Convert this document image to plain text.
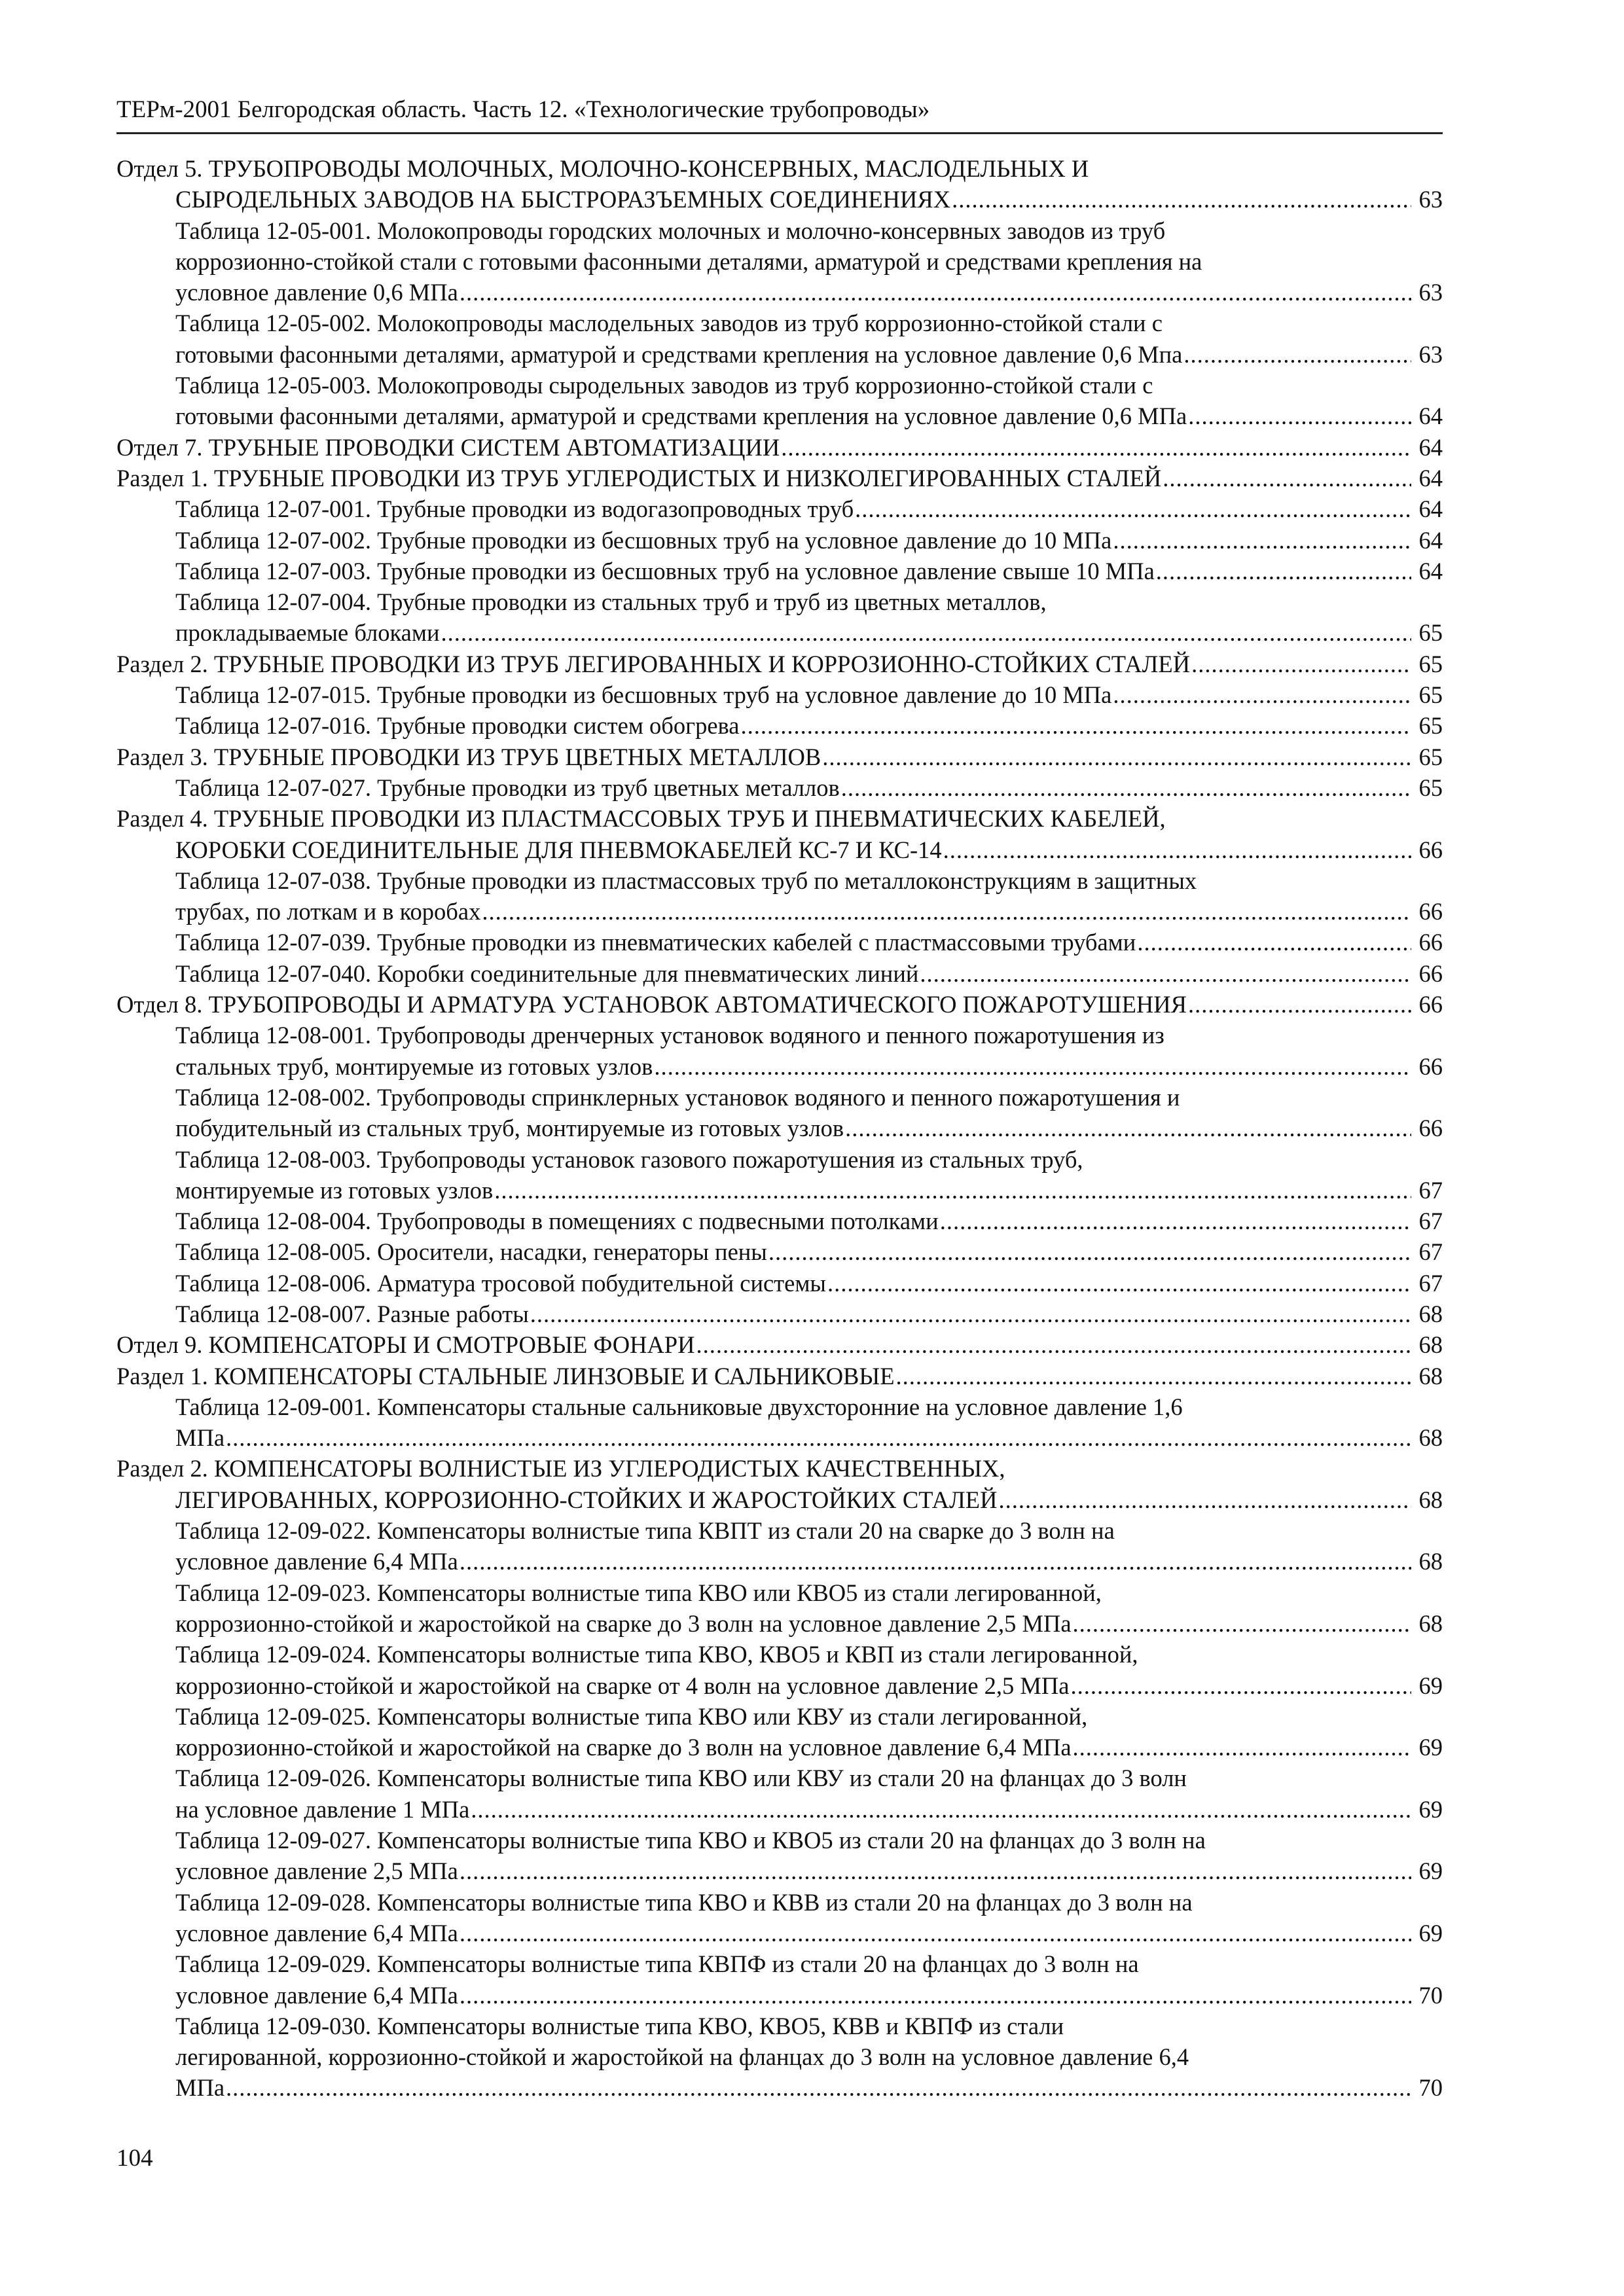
ТЕРм-2001 Белгородская область. Часть 12. «Технологические трубопроводы»
Отдел 5. ТРУБОПРОВОДЫ МОЛОЧНЫХ, МОЛОЧНО-КОНСЕРВНЫХ, МАСЛОДЕЛЬНЫХ И
СЫРОДЕЛЬНЫХ ЗАВОДОВ НА БЫСТРОРАЗЪЕМНЫХ СОЕДИНЕНИЯХ .....	63
Таблица 12-05-001. Молокопроводы городских молочных и молочно-консервных заводов из труб
коррозионно-стойкой стали с готовыми фасонными деталями, арматурой и средствами крепления на
условное давление 0,6 МПа .....	63
Таблица 12-05-002. Молокопроводы маслодельных заводов из труб коррозионно-стойкой стали с
готовыми фасонными деталями, арматурой и средствами крепления на условное давление 0,6 Мпа .....	63
Таблица 12-05-003. Молокопроводы сыродельных заводов из труб коррозионно-стойкой стали с
готовыми фасонными деталями, арматурой и средствами крепления на условное давление 0,6 МПа .....	64
Отдел 7. ТРУБНЫЕ ПРОВОДКИ СИСТЕМ АВТОМАТИЗАЦИИ .....	64
Раздел 1. ТРУБНЫЕ ПРОВОДКИ ИЗ ТРУБ УГЛЕРОДИСТЫХ И НИЗКОЛЕГИРОВАННЫХ СТАЛЕЙ .....	64
Таблица 12-07-001. Трубные проводки из водогазопроводных труб .....	64
Таблица 12-07-002. Трубные проводки из бесшовных труб на условное давление до 10 МПа .....	64
Таблица 12-07-003. Трубные проводки из бесшовных труб на условное давление свыше 10 МПа .....	64
Таблица 12-07-004. Трубные проводки из стальных труб и труб из цветных металлов,
прокладываемые блоками .....	65
Раздел 2. ТРУБНЫЕ ПРОВОДКИ ИЗ ТРУБ ЛЕГИРОВАННЫХ И КОРРОЗИОННО-СТОЙКИХ СТАЛЕЙ .....	65
Таблица 12-07-015. Трубные проводки из бесшовных труб на условное давление до 10 МПа .....	65
Таблица 12-07-016. Трубные проводки систем обогрева .....	65
Раздел 3. ТРУБНЫЕ ПРОВОДКИ ИЗ ТРУБ ЦВЕТНЫХ МЕТАЛЛОВ .....	65
Таблица 12-07-027. Трубные проводки из труб цветных металлов .....	65
Раздел 4. ТРУБНЫЕ ПРОВОДКИ ИЗ ПЛАСТМАССОВЫХ ТРУБ И ПНЕВМАТИЧЕСКИХ КАБЕЛЕЙ,
КОРОБКИ СОЕДИНИТЕЛЬНЫЕ ДЛЯ ПНЕВМОКАБЕЛЕЙ КС-7 И КС-14 .....	66
Таблица 12-07-038. Трубные проводки из пластмассовых труб по металлоконструкциям в защитных
трубах, по лоткам и в коробах .....	66
Таблица 12-07-039. Трубные проводки из пневматических кабелей с пластмассовыми трубами .....	66
Таблица 12-07-040. Коробки соединительные для пневматических линий .....	66
Отдел 8. ТРУБОПРОВОДЫ И АРМАТУРА УСТАНОВОК АВТОМАТИЧЕСКОГО ПОЖАРОТУШЕНИЯ .....	66
Таблица 12-08-001. Трубопроводы дренчерных установок водяного и пенного пожаротушения из
стальных труб, монтируемые из готовых узлов .....	66
Таблица 12-08-002. Трубопроводы спринклерных установок водяного и пенного пожаротушения и
побудительный из стальных труб, монтируемые из готовых узлов .....	66
Таблица 12-08-003. Трубопроводы установок газового пожаротушения из стальных труб,
монтируемые из готовых узлов .....	67
Таблица 12-08-004. Трубопроводы в помещениях с подвесными потолками .....	67
Таблица 12-08-005. Оросители, насадки, генераторы пены .....	67
Таблица 12-08-006. Арматура тросовой побудительной системы .....	67
Таблица 12-08-007. Разные работы .....	68
Отдел 9. КОМПЕНСАТОРЫ И СМОТРОВЫЕ ФОНАРИ .....	68
Раздел 1. КОМПЕНСАТОРЫ СТАЛЬНЫЕ ЛИНЗОВЫЕ И САЛЬНИКОВЫЕ .....	68
Таблица 12-09-001. Компенсаторы стальные сальниковые двухсторонние на условное давление 1,6
МПа .....	68
Раздел 2. КОМПЕНСАТОРЫ ВОЛНИСТЫЕ ИЗ УГЛЕРОДИСТЫХ КАЧЕСТВЕННЫХ,
ЛЕГИРОВАННЫХ, КОРРОЗИОННО-СТОЙКИХ И ЖАРОСТОЙКИХ СТАЛЕЙ .....	68
Таблица 12-09-022. Компенсаторы волнистые типа КВПТ из стали 20 на сварке до 3 волн на
условное давление 6,4 МПа .....	68
Таблица 12-09-023. Компенсаторы волнистые типа КВО или КВО5 из стали легированной,
коррозионно-стойкой и жаростойкой на сварке до 3 волн на условное давление 2,5 МПа .....	68
Таблица 12-09-024. Компенсаторы волнистые типа КВО, КВО5 и КВП из стали легированной,
коррозионно-стойкой и жаростойкой на сварке от 4 волн на условное давление 2,5 МПа .....	69
Таблица 12-09-025. Компенсаторы волнистые типа КВО или КВУ из стали легированной,
коррозионно-стойкой и жаростойкой на сварке до 3 волн на условное давление 6,4 МПа .....	69
Таблица 12-09-026. Компенсаторы волнистые типа КВО или КВУ из стали 20 на фланцах до 3 волн
на условное давление 1 МПа .....	69
Таблица 12-09-027. Компенсаторы волнистые типа КВО и КВО5 из стали 20 на фланцах до 3 волн на
условное давление 2,5 МПа .....	69
Таблица 12-09-028. Компенсаторы волнистые типа КВО и КВВ из стали 20 на фланцах до 3 волн на
условное давление 6,4 МПа .....	69
Таблица 12-09-029. Компенсаторы волнистые типа КВПФ из стали 20 на фланцах до 3 волн на
условное давление 6,4 МПа .....	70
Таблица 12-09-030. Компенсаторы волнистые типа КВО, КВО5, КВВ и КВПФ из стали
легированной, коррозионно-стойкой и жаростойкой на фланцах до 3 волн на условное давление 6,4
МПа .....	70
104
